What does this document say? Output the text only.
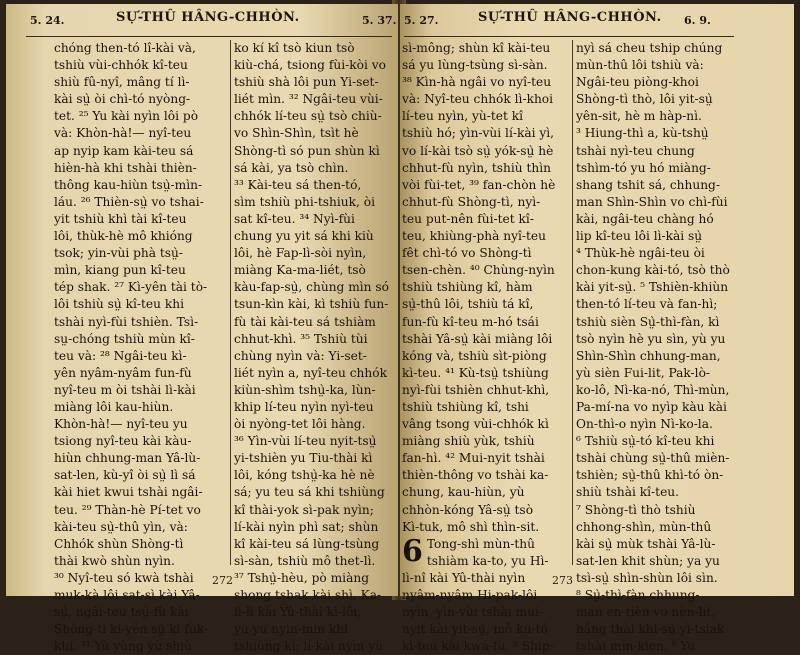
5. 24.	SỰ-THÛ HÂNG-CHHÒN.	5. 37.
chóng then-tó lî-kài và,
tshiù vùi-chhók kî-teu
shiù fû-nyî, mâng tí lì-
kài sṳ̀ òi chì-tó nyòng-
tet. ²⁵ Yu kài nyìn lôi pò
và: Khòn-hà!— nyî-teu
ap nyip kam kài-teu sá
hièn-hà khi tshài thièn-
thông kau-hiùn tsṳ̀-mìn-
láu. ²⁶ Thièn-sṳ̀ vo tshai-
yit tshiù khì tài kî-teu
lôi, thùk-hè mô khióng
tsok; yin-vùi phà tsṳ̀-
mìn, kiang pun kî-teu
tép shak. ²⁷ Kì-yên tài tò-
lôi tshiù sṳ̀ kî-teu khi
tshài nyì-fùi tshièn. Tsì-
sṳ-chóng tshiù mùn kî-
teu và: ²⁸ Ngâi-teu kì-
yên nyâm-nyâm fun-fù
nyî-teu m òi tshài lì-kài
miàng lôi kau-hiùn.
Khòn-hà!— nyî-teu yu
tsiong nyî-teu kài kàu-
hiùn chhung-man Yâ-lù-
sat-len, kù-yî òi sṳ̀ lì sá
kài hiet kwui tshài ngâi-
teu. ²⁹ Thàn-hè Pí-tet vo
kài-teu sṳ̀-thû yìn, và:
Chhók shùn Shòng-tì
thài kwò shùn nyìn.
³⁰ Nyî-teu só kwà tshài
muk-kà lôi sat-sì kài Yâ-
sṳ̀, ngâi-teu tsṳ̀-fù kài
Shòng-tì kì-yên sṳ̀ kí fùk-
khí. ³¹ Yù yùng yù shiù
ko kí kî tsò kiun tsò
kiù-chá, tsiong fùi-kòi vo
tshiù shà lôi pun Yi-set-
liét mìn. ³² Ngâi-teu vùi-
chhók lí-teu sṳ̀ tsò chiù-
vo Shìn-Shìn, tsìt hè
Shòng-tì só pun shùn kì
sá kài, ya tsò chìn.
³³ Kài-teu sá then-tó,
sìm tshiù phi-tshiuk, òi
sat kî-teu. ³⁴ Nyì-fùi
chung yu yit sá khi kiù
lôi, hè Fap-lì-sòi nyìn,
miàng Ka-ma-liét, tsò
kàu-fap-sṳ̀, chùng mìn só
tsun-kìn kài, kì tshiù fun-
fù tài kài-teu sá tshiàm
chhut-khì. ³⁵ Tshiù tùi
chùng nyìn và: Yi-set-
liét nyìn a, nyî-teu chhók
kiùn-shìm tshṳ̀-ka, lùn-
khip lí-teu nyìn nyì-teu
òi nyòng-tet lôi hàng.
³⁶ Yìn-vùi lí-teu nyit-tsṳ̀
yi-tshièn yu Tiu-thài kì
lôi, kóng tshṳ̀-ka hè nè
sá; yu teu sá khi tshiùng
kî thài-yok sì-pak nyìn;
lí-kài nyìn phì sat; shùn
kî kài-teu sá lùng-tsùng
sì-sàn, tshiù mô thet-lì.
³⁷ Tshṳ̀-hèu, pò miàng
shong tshak kài shì, Ka-
lì-lì kài Yû-thài kì-lôi,
yù yu nyìn-mìn khì
tshiùng kî; lí-kài nyìn yù
272
5. 27.	SỰ-THÛ HÂNG-CHHÒN. 6. 9.
sì-mông; shùn kî kài-teu
sá yu lùng-tsùng sì-sàn.
³⁸ Kìn-hà ngâi vo nyî-teu
và: Nyî-teu chhók lì-khoi
lí-teu nyìn, yù-tet kî
tshiù hó; yìn-vùi lí-kài yì,
vo lí-kài tsò sṳ̀ yók-sṳ̀ hè
chhut-fù nyìn, tshiù thìn
vòi fùi-tet, ³⁹ fan-chòn hè
chhut-fù Shòng-tì, nyì-
teu put-nên fùi-tet kî-
teu, khiùng-phà nyî-teu
fêt chì-tó vo Shòng-tì
tsen-chèn. ⁴⁰ Chùng-nyìn
tshiù tshiùng kî, hàm
sṳ̀-thû lôi, tshiù tá kî,
fun-fù kî-teu m-hó tsái
tshài Yâ-sṳ̀ kài miàng lôi
kóng và, tshiù sìt-piòng
kì-teu. ⁴¹ Kù-tsṳ̀ tshiùng
nyì-fùi tshièn chhut-khì,
tshiù tshiùng kî, tshi
vâng tsong vùi-chhók kì
miàng shiù yùk, tshiù
fan-hì. ⁴² Mui-nyit tshài
thièn-thông vo tshài ka-
chung, kau-hiùn, yù
chhòn-kóng Yâ-sṳ̀ tsò
Kì-tuk, mô shì thìn-sit.
6 Tong-shì mùn-thû
tshiàm ka-to, yu Hì-
lì-nî kài Yû-thài nyìn
nyâm-nyâm Hi-pak-lôi
nyìn, yìn-vùi tshài mui-
nyit kài yit-sṳ̀, mô kù-tó
kì-teu kài kwá-fù. ² Ship-
nyì sá cheu tship chúng
mùn-thû lôi tshiù và:
Ngâi-teu piòng-khoi
Shòng-tì thò, lôi yit-sṳ̀
yên-sit, hè m hàp-nì.
³ Hiung-thì a, kù-tshṳ̀
tshài nyì-teu chung
tshìm-tó yu hó miàng-
shang tshit sá, chhung-
man Shìn-Shìn vo chì-fùi
kài, ngâi-teu chàng hó
lip kî-teu lôi lì-kài sṳ̀
⁴ Thùk-hè ngâi-teu òi
chon-kung kài-tó, tsò thò
kài yit-sṳ̀. ⁵ Tshièn-khiùn
then-tó lí-teu và fan-hì;
tshiù sièn Sṳ̀-thì-fàn, kì
tsò nyìn hè yu sìn, yù yu
Shìn-Shìn chhung-man,
yù sièn Fui-lit, Pak-lò-
ko-lô, Nì-ka-nó, Thì-mùn,
Pa-mí-na vo nyìp kàu kài
On-thì-o nyìn Nì-ko-la.
⁶ Tshiù sṳ̀-tó kî-teu khi
tshài chùng sṳ̀-thû mièn-
tshièn; sṳ̀-thû khì-tó òn-
shiù tshài kî-teu.
⁷ Shòng-tì thò tshiù
chhong-shìn, mùn-thû
kài sṳ̀ mùk tshài Yâ-lù-
sat-len khit shùn; ya yu
tsì-sṳ̀ shìn-shùn lôi sìn.
⁸ Sṳ̀-thì-fàn chhung-
man en-tièn vo nèn-lit,
hâng thài khi-sṳ̀ yì-tsiak
tshài mìn-kien. ⁹ Yu
273
